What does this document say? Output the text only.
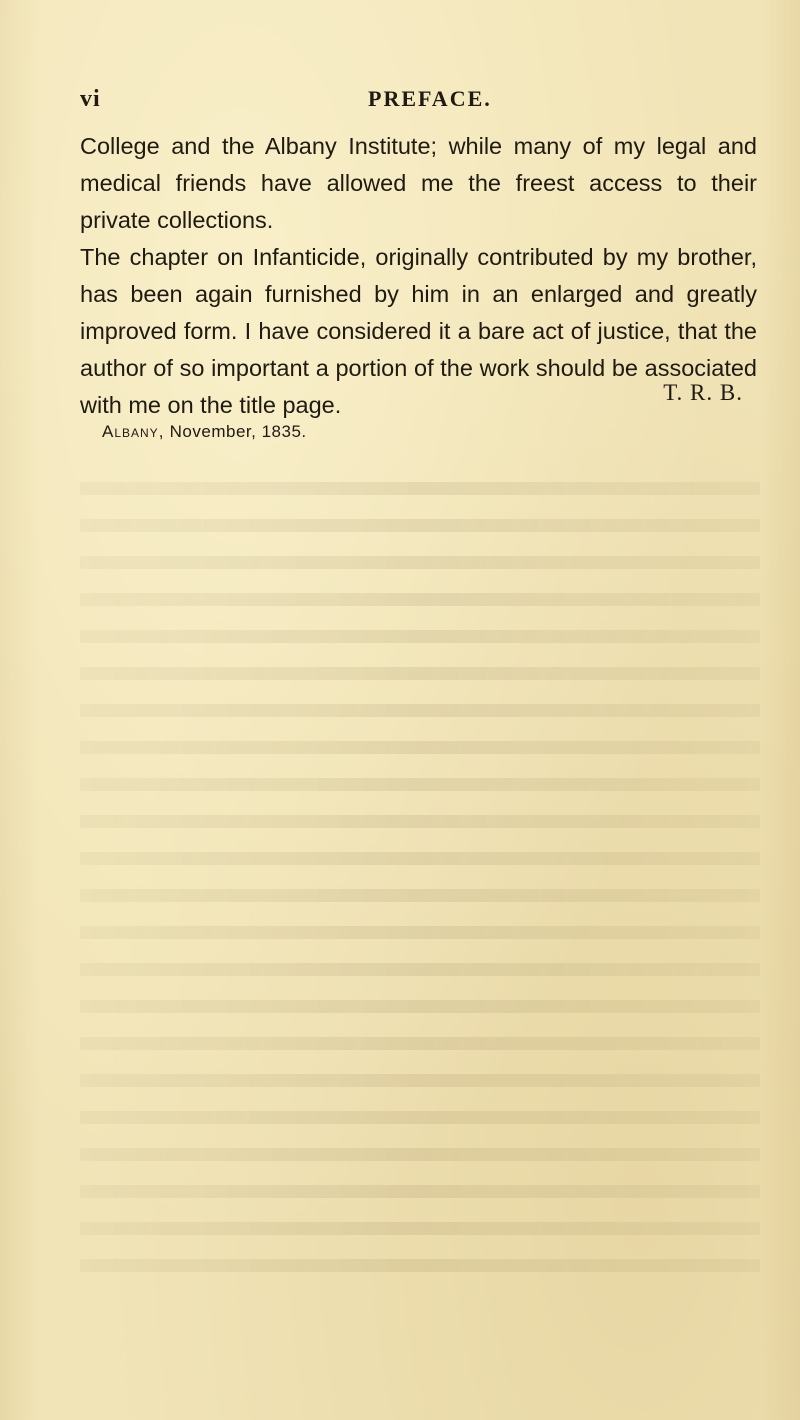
vi	PREFACE.

College and the Albany Institute; while many of my legal and medical friends have allowed me the freest access to their private collections.

The chapter on Infanticide, originally contributed by my brother, has been again furnished by him in an enlarged and greatly improved form. I have considered it a bare act of justice, that the author of so important a portion of the work should be associated with me on the title page.	T. R. B.
Albany, November, 1835.
